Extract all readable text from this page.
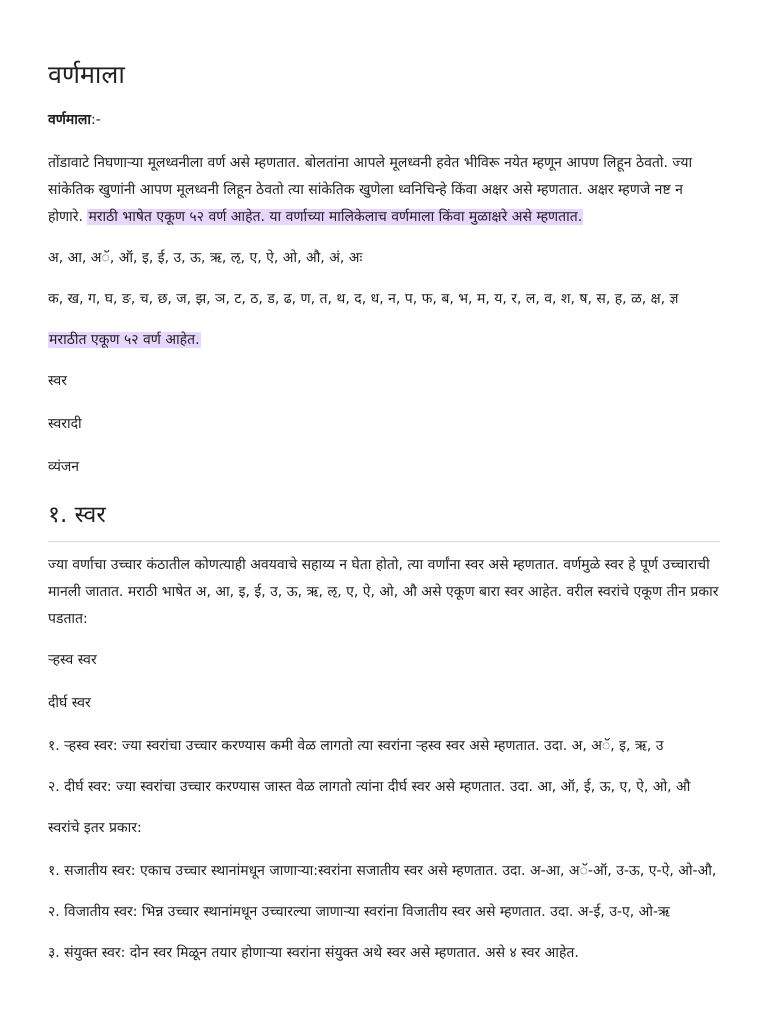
वर्णमाला
वर्णमाला:-

तोंडावाटे निघणाऱ्या मूलध्वनीला वर्ण असे म्हणतात. बोलतांना आपले मूलध्वनी हवेत भीविरू नयेत म्हणून आपण लिहून ठेवतो. ज्या सांकेतिक खुणांनी आपण मूलध्वनी लिहून ठेवतो त्या सांकेतिक खुणेला ध्वनिचिन्हे किंवा अक्षर असे म्हणतात. अक्षर म्हणजे नष्ट न होणारे. मराठी भाषेत एकूण ५२ वर्ण आहेत. या वर्णाच्या मालिकेलाच वर्णमाला किंवा मुळाक्षरे असे म्हणतात.

अ, आ, अॅ, ऑ, इ, ई, उ, ऊ, ऋ, ऌ, ए, ऐ, ओ, औ, अं, अः

क, ख, ग, घ, ङ, च, छ, ज, झ, ञ, ट, ठ, ड, ढ, ण, त, थ, द, ध, न, प, फ, ब, भ, म, य, र, ल, व, श, ष, स, ह, ळ, क्ष, ज्ञ

मराठीत एकूण ५२ वर्ण आहेत.

स्वर

स्वरादी

व्यंजन

१. स्वर

ज्या वर्णाचा उच्चार कंठातील कोणत्याही अवयवाचे सहाय्य न घेता होतो, त्या वर्णांना स्वर असे म्हणतात. वर्णमुळे स्वर हे पूर्ण उच्चाराची मानली जातात. मराठी भाषेत अ, आ, इ, ई, उ, ऊ, ऋ, ऌ, ए, ऐ, ओ, औ असे एकूण बारा स्वर आहेत. वरील स्वरांचे एकूण तीन प्रकार पडतात:

ऱ्हस्व स्वर

दीर्घ स्वर

१. ऱ्हस्व स्वर: ज्या स्वरांचा उच्चार करण्यास कमी वेळ लागतो त्या स्वरांना ऱ्हस्व स्वर असे म्हणतात. उदा. अ, अॅ, इ, ऋ, उ

२. दीर्घ स्वर: ज्या स्वरांचा उच्चार करण्यास जास्त वेळ लागतो त्यांना दीर्घ स्वर असे म्हणतात. उदा. आ, ऑ, ई, ऊ, ए, ऐ, ओ, औ

स्वरांचे इतर प्रकार:

१. सजातीय स्वर: एकाच उच्चार स्थानांमधून जाणाऱ्या:स्वरांना सजातीय स्वर असे म्हणतात. उदा. अ-आ, अॅ-ऑ, उ-ऊ, ए-ऐ, ओ-औ,

२. विजातीय स्वर: भिन्न उच्चार स्थानांमधून उच्चारल्या जाणाऱ्या स्वरांना विजातीय स्वर असे म्हणतात. उदा. अ-ई, उ-ए, ओ-ऋ

३. संयुक्त स्वर: दोन स्वर मिळून तयार होणाऱ्या स्वरांना संयुक्त अथे स्वर असे म्हणतात. असे ४ स्वर आहेत.
